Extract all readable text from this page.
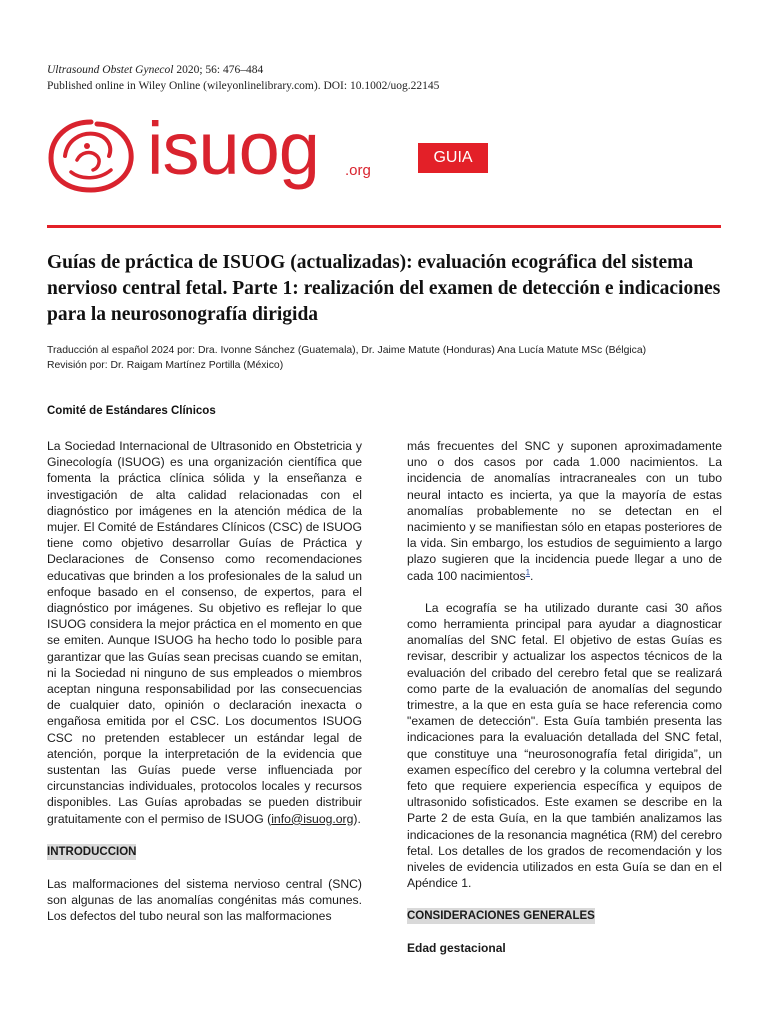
Ultrasound Obstet Gynecol 2020; 56: 476–484
Published online in Wiley Online (wileyonlinelibrary.com). DOI: 10.1002/uog.22145
isuog .org
GUIA
Guías de práctica de ISUOG (actualizadas): evaluación ecográfica del sistema nervioso central fetal. Parte 1: realización del examen de detección e indicaciones para la neurosonografía dirigida
Traducción al español 2024 por: Dra. Ivonne Sánchez (Guatemala), Dr. Jaime Matute (Honduras) Ana Lucía Matute MSc (Bélgica)
Revisión por: Dr. Raigam Martínez Portilla (México)
Comité de Estándares Clínicos

La Sociedad Internacional de Ultrasonido en Obstetricia y Ginecología (ISUOG) es una organización científica que fomenta la práctica clínica sólida y la enseñanza e investigación de alta calidad relacionadas con el diagnóstico por imágenes en la atención médica de la mujer. El Comité de Estándares Clínicos (CSC) de ISUOG tiene como objetivo desarrollar Guías de Práctica y Declaraciones de Consenso como recomendaciones educativas que brinden a los profesionales de la salud un enfoque basado en el consenso, de expertos, para el diagnóstico por imágenes. Su objetivo es reflejar lo que ISUOG considera la mejor práctica en el momento en que se emiten. Aunque ISUOG ha hecho todo lo posible para garantizar que las Guías sean precisas cuando se emitan, ni la Sociedad ni ninguno de sus empleados o miembros aceptan ninguna responsabilidad por las consecuencias de cualquier dato, opinión o declaración inexacta o engañosa emitida por el CSC. Los documentos ISUOG CSC no pretenden establecer un estándar legal de atención, porque la interpretación de la evidencia que sustentan las Guías puede verse influenciada por circunstancias individuales, protocolos locales y recursos disponibles. Las Guías aprobadas se pueden distribuir gratuitamente con el permiso de ISUOG (info@isuog.org).

INTRODUCCION

Las malformaciones del sistema nervioso central (SNC) son algunas de las anomalías congénitas más comunes. Los defectos del tubo neural son las malformaciones

más frecuentes del SNC y suponen aproximadamente uno o dos casos por cada 1.000 nacimientos. La incidencia de anomalías intracraneales con un tubo neural intacto es incierta, ya que la mayoría de estas anomalías probablemente no se detectan en el nacimiento y se manifiestan sólo en etapas posteriores de la vida. Sin embargo, los estudios de seguimiento a largo plazo sugieren que la incidencia puede llegar a uno de cada 100 nacimientos$^1$.

La ecografía se ha utilizado durante casi 30 años como herramienta principal para ayudar a diagnosticar anomalías del SNC fetal. El objetivo de estas Guías es revisar, describir y actualizar los aspectos técnicos de la evaluación del cribado del cerebro fetal que se realizará como parte de la evaluación de anomalías del segundo trimestre, a la que en esta guía se hace referencia como "examen de detección". Esta Guía también presenta las indicaciones para la evaluación detallada del SNC fetal, que constituye una “neurosonografía fetal dirigida”, un examen específico del cerebro y la columna vertebral del feto que requiere experiencia específica y equipos de ultrasonido sofisticados. Este examen se describe en la Parte 2 de esta Guía, en la que también analizamos las indicaciones de la resonancia magnética (RM) del cerebro fetal. Los detalles de los grados de recomendación y los niveles de evidencia utilizados en esta Guía se dan en el Apéndice 1.

CONSIDERACIONES GENERALES
Edad gestacional
